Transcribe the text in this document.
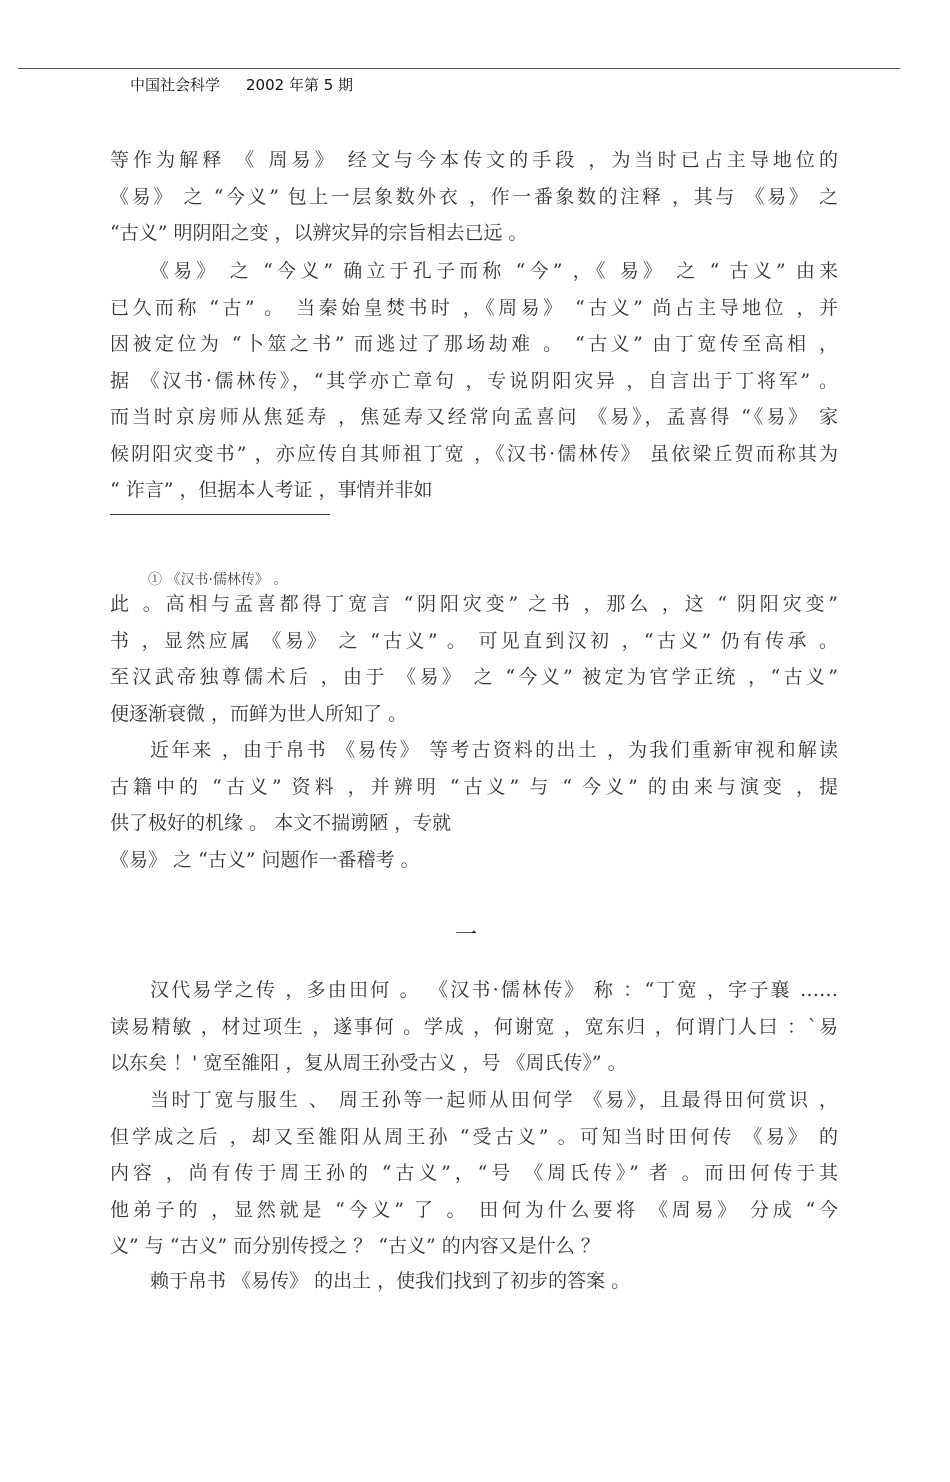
中国社会科学 2002 年第 5 期
等作为解释 《 周易》 经文与今本传文的手段 ，为当时已占主导地位的
《易》 之 “今义” 包上一层象数外衣 ，作一番象数的注释 ，其与 《易》 之
“古义” 明阴阳之变 ，以辨灾异的宗旨相去已远 。
《易》 之 “今义” 确立于孔子而称 “今” ，《 易》 之 “ 古义” 由来
已久而称 “古” 。 当秦始皇焚书时 ，《周易》 “古义” 尚占主导地位 ，并
因被定位为 “卜筮之书” 而逃过了那场劫难 。 “古义” 由丁宽传至高相 ，
据 《汉书·儒林传》，“其学亦亡章句 ，专说阴阳灾异 ，自言出于丁将军” 。
而当时京房师从焦延寿 ，焦延寿又经常向孟喜问 《易》，孟喜得 “《易》 家
候阴阳灾变书” ，亦应传自其师祖丁宽 ，《汉书·儒林传》 虽依梁丘贺而称其为
“ 诈言” ，但据本人考证 ，事情并非如
此 。高相与孟喜都得丁宽言 “阴阳灾变” 之书 ，那么 ，这 “ 阴阳灾变”
书 ，显然应属 《易》 之 “古义” 。 可见直到汉初 ，“古义” 仍有传承 。
至汉武帝独尊儒术后 ，由于 《易》 之 “今义” 被定为官学正统 ，“古义”
便逐渐衰微 ，而鲜为世人所知了 。
近年来 ，由于帛书 《易传》 等考古资料的出土 ，为我们重新审视和解读
古籍中的 “古义” 资料 ，并辨明 “古义” 与 “ 今义” 的由来与演变 ，提
供了极好的机缘 。 本文不揣谫陋 ，专就
《易》 之 “古义” 问题作一番稽考 。
汉代易学之传 ，多由田何 。 《汉书·儒林传》 称 ：“丁宽 ，字子襄 ……
读易精敏 ，材过项生 ，遂事何 。学成 ，何谢宽 ，宽东归 ，何谓门人曰 ：`易
以东矣 ！' 宽至雒阳 ，复从周王孙受古义 ，号 《周氏传》” 。
当时丁宽与服生 、 周王孙等一起师从田何学 《易》，且最得田何赏识 ，
但学成之后 ，却又至雒阳从周王孙 “受古义” 。可知当时田何传 《易》 的
内容 ，尚有传于周王孙的 “古义”，“号 《周氏传》” 者 。而田何传于其
他弟子的 ，显然就是 “今义” 了 。 田何为什么要将 《周易》 分成 “今
义” 与 “古义” 而分别传授之 ？ “古义” 的内容又是什么 ？
赖于帛书 《易传》 的出土 ，使我们找到了初步的答案 。
① 《汉书·儒林传》 。
一
